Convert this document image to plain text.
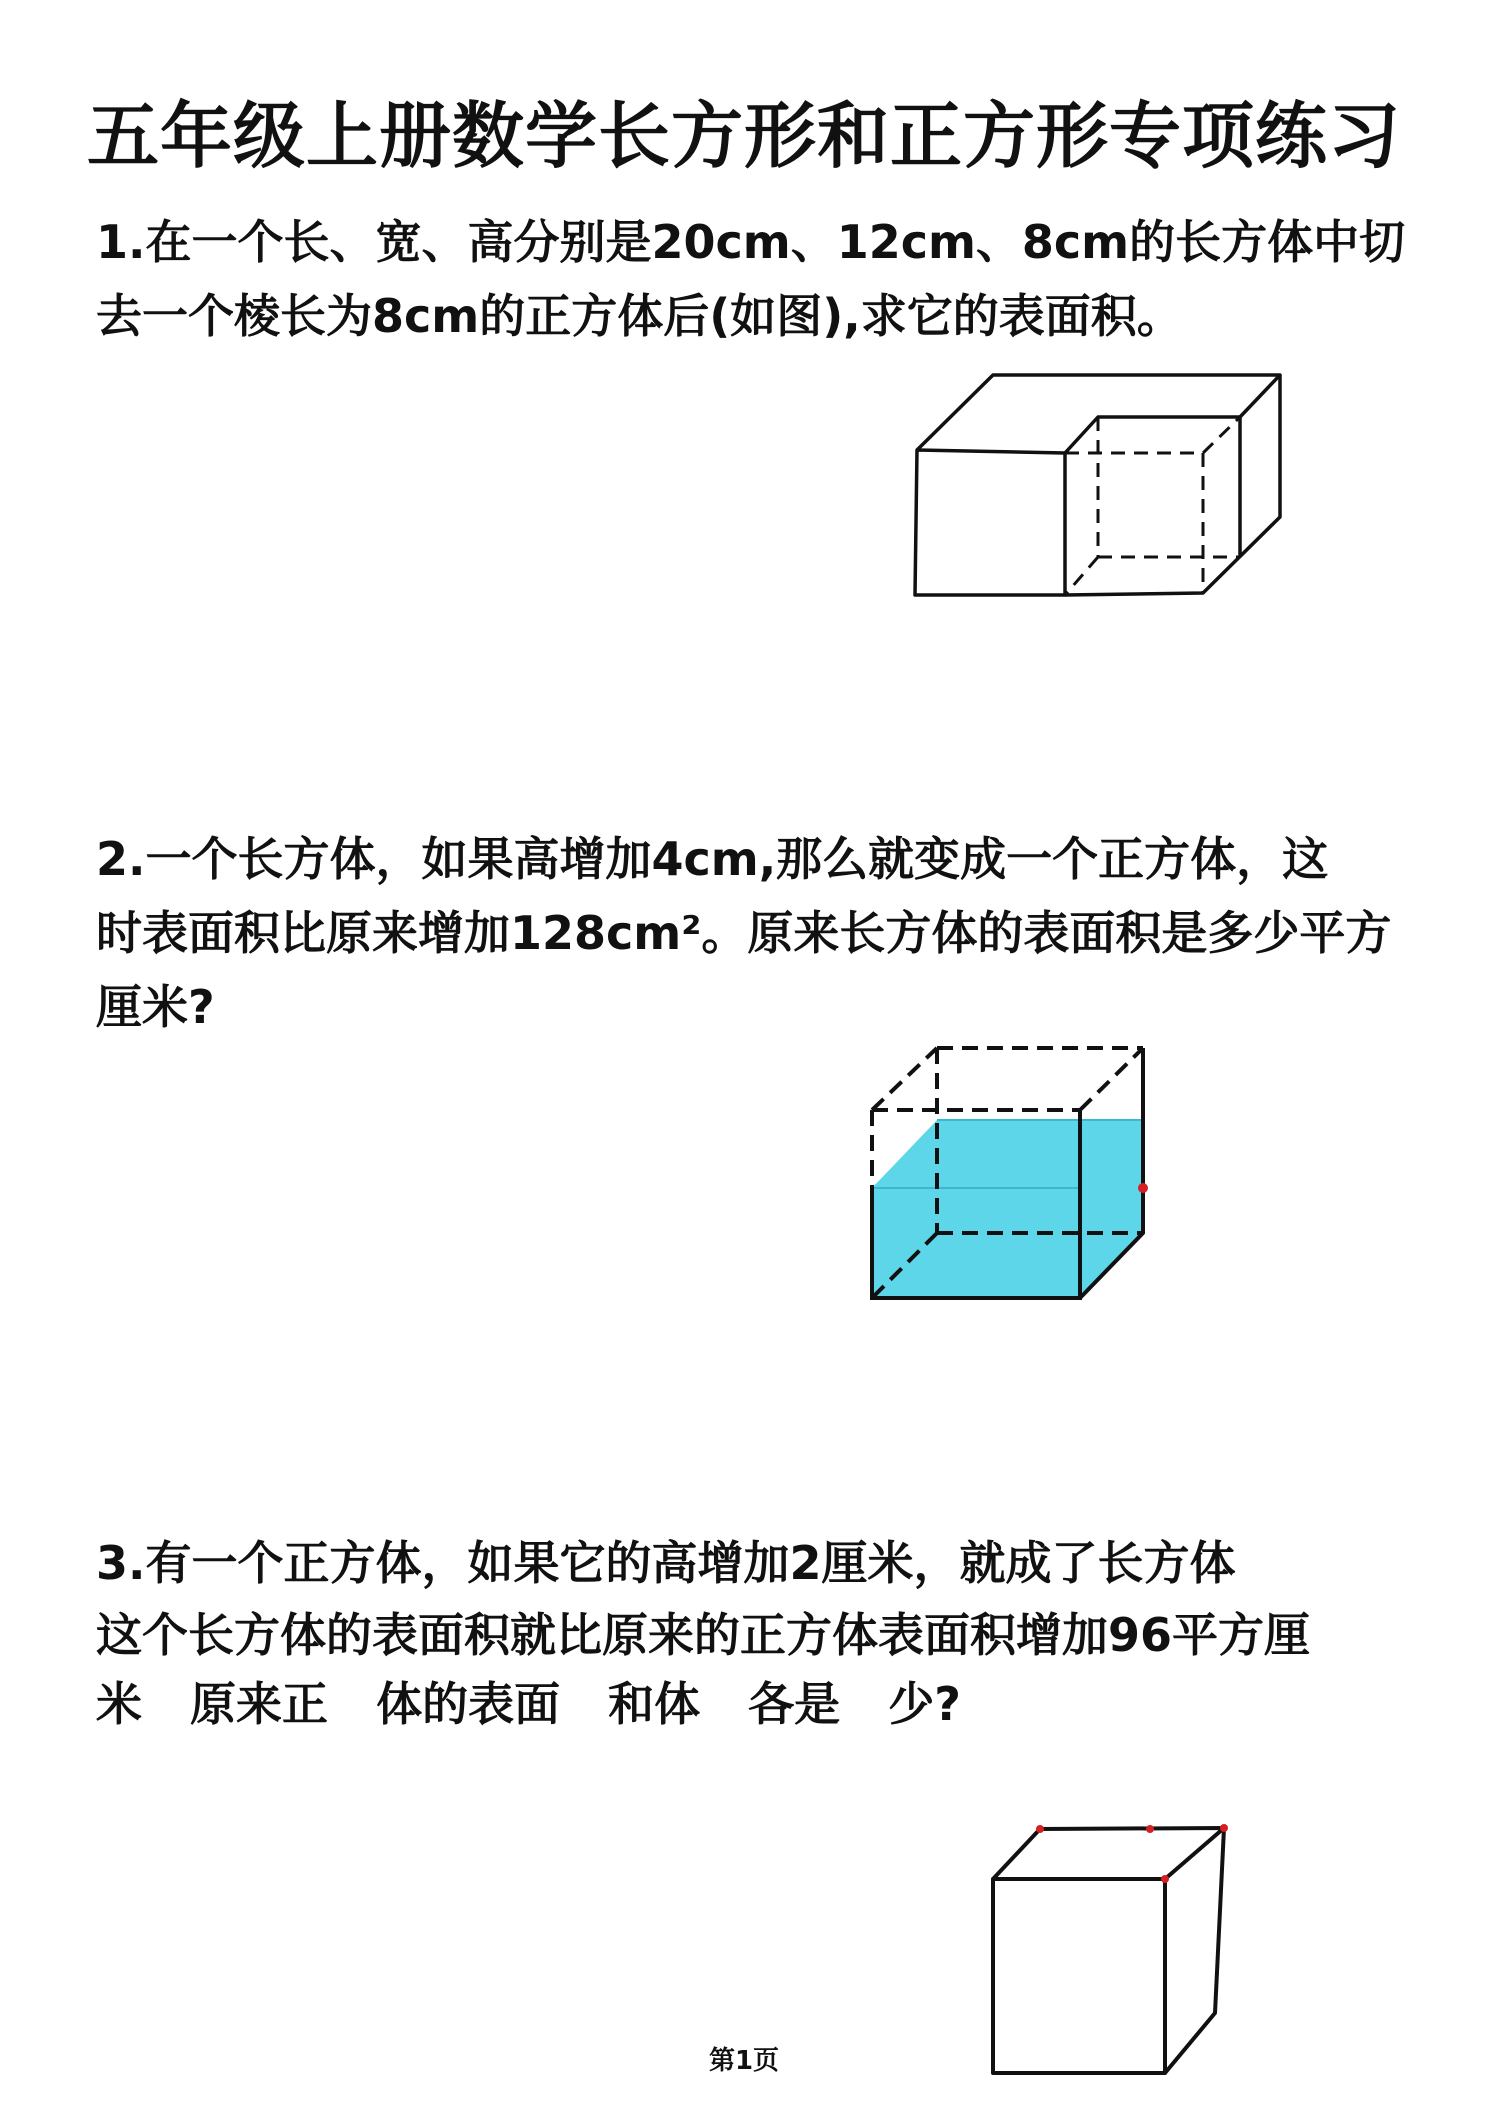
五年级上册数学长方形和正方形专项练习
1.在一个长、宽、高分别是20cm、12cm、8cm的长方体中切
去一个棱长为8cm的正方体后(如图),求它的表面积。
2.一个长方体，如果高增加4cm,那么就变成一个正方体，这
时表面积比原来增加128cm²。原来长方体的表面积是多少平方
厘米?
3.有一个正方体，如果它的高增加2厘米，就成了长方体
这个长方体的表面积就比原来的正方体表面积增加96平方厘
米   原来正   体的表面   和体   各是   少?
第1页
